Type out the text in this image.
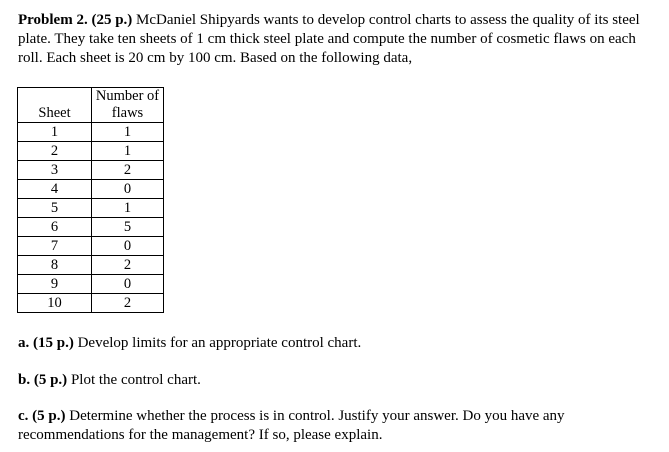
Problem 2. (25 p.) McDaniel Shipyards wants to develop control charts to assess the quality of its steel plate. They take ten sheets of 1 cm thick steel plate and compute the number of cosmetic flaws on each roll. Each sheet is 20 cm by 100 cm. Based on the following data,

Sheet	Number of
flaws

1	1
2	1
3	2
4	0
5	1
6	5
7	0
8	2
9	0
10	2

a. (15 p.) Develop limits for an appropriate control chart.

b. (5 p.) Plot the control chart.

c. (5 p.) Determine whether the process is in control. Justify your answer. Do you have any recommendations for the management? If so, please explain.
